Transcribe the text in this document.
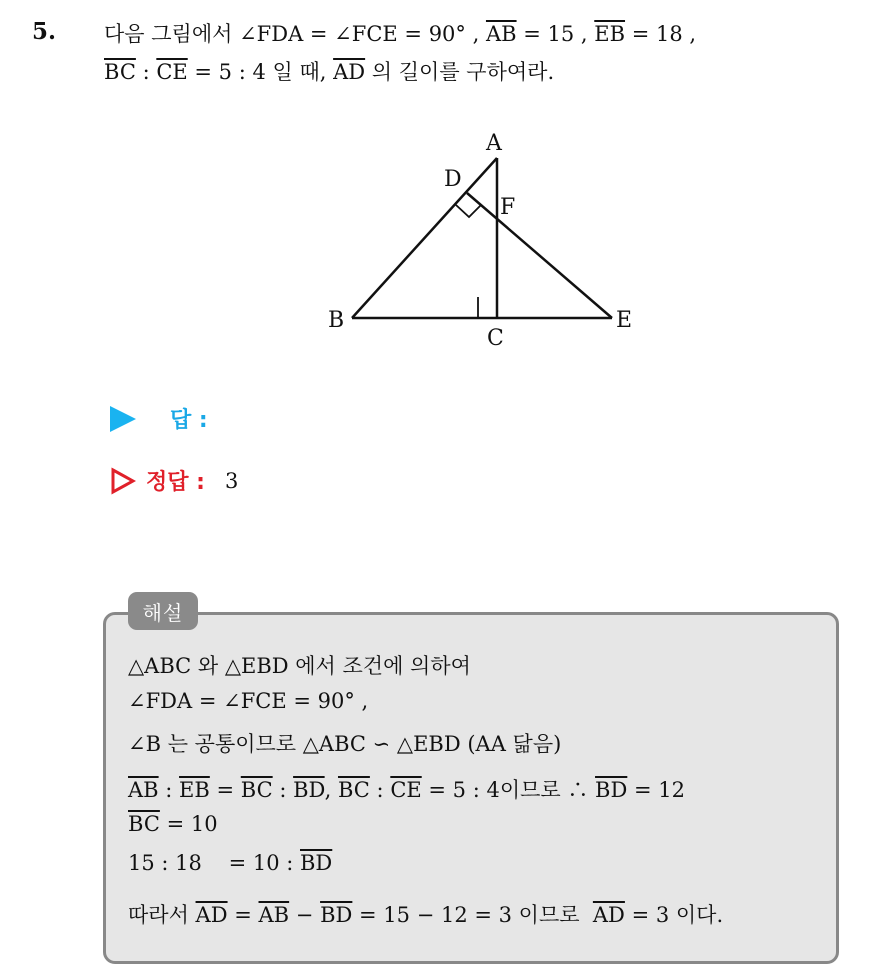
5. 다음 그림에서 ∠FDA = ∠FCE = 90° , $\overline{AB} = 15$ , $\overline{EB} = 18$ ,
$\overline{BC}$ : $\overline{CE} = 5$ : 4 일 때, $\overline{AD}$ 의 길이를 구하여라.
A
D
F
B
C
E
답 :
정답 : 3
해설
△ABC 와 △EBD 에서 조건에 의하여
∠FDA = ∠FCE = 90° ,
∠B 는 공통이므로 △ABC ∽ △EBD (AA 닮음)
$\overline{AB}$ : $\overline{EB} = \overline{BC}$ : $\overline{BD}$, $\overline{BC}$ : $\overline{CE} = 5$ : 4이므로 ∴ $\overline{BD} = 12$
$\overline{BC} = 10$
15 : 18    = 10 : $\overline{BD}$
따라서 $\overline{AD} = \overline{AB} - \overline{BD} = 15 - 12 = 3$ 이므로  $\overline{AD} = 3$ 이다.
